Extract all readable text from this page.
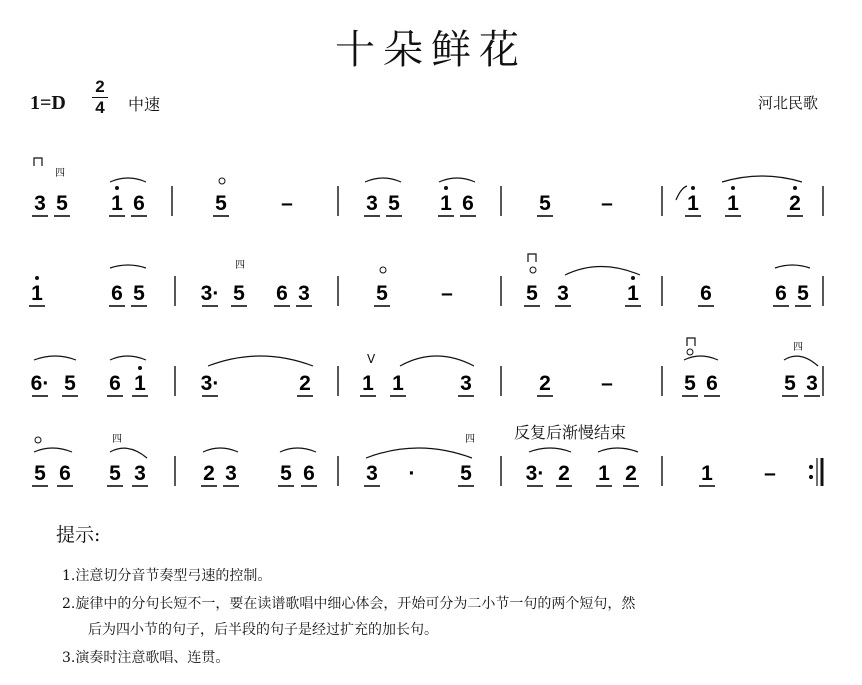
十朵鲜花
1=D
2
4 中速	河北民歌
四
四
四
四	四
3 5 1 6	5	–	3 5 1 6	5 –	1 1 2
1	6 5	3· 5 6 3	5	–	5 3	1	6	6 5
6· 5 6 1	3·	2 1 1	3	2 –	5 6	5 3
5 6 5 3	2 3 5 6 3 · 5	3· 2 1 2	1 –
V
反复后渐慢结束
提示:
1.注意切分音节奏型弓速的控制。
2.旋律中的分句长短不一，要在读谱歌唱中细心体会，开始可分为二小节一句的两个短句，然
后为四小节的句子，后半段的句子是经过扩充的加长句。
3.演奏时注意歌唱、连贯。
